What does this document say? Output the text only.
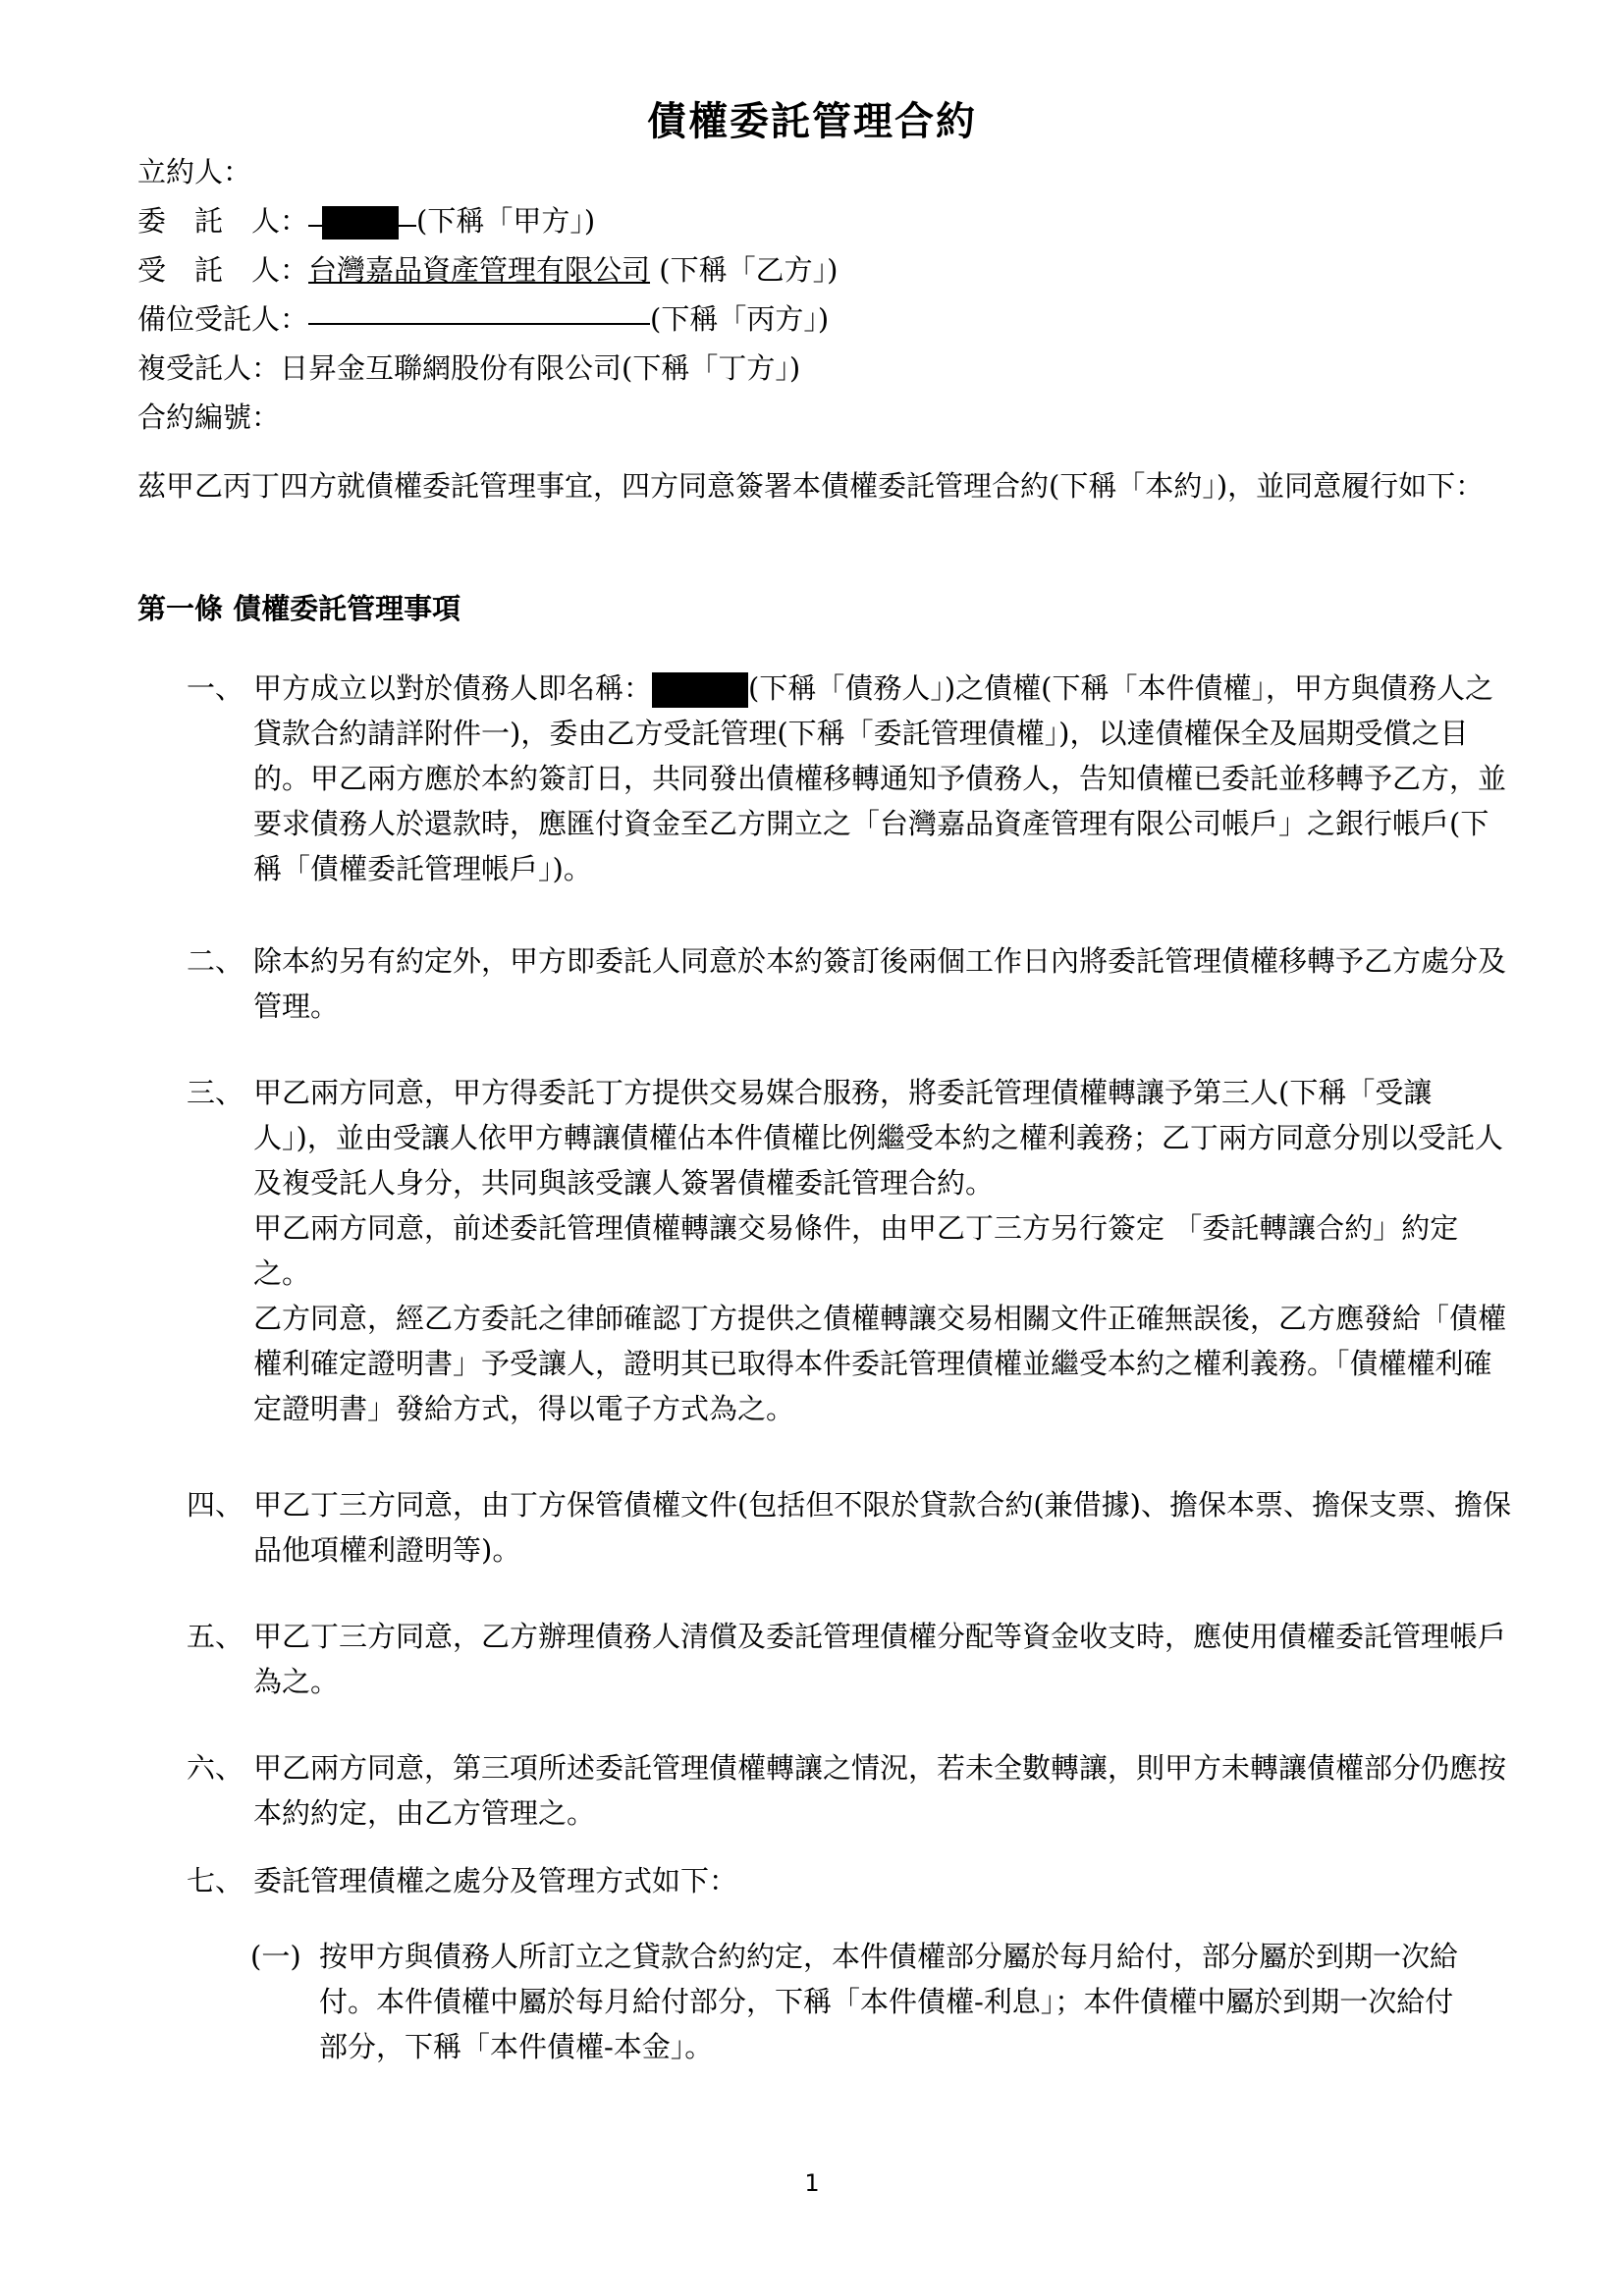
債權委託管理合約
立約人：
委　託　人：	(下稱「甲方」)
受　託　人：台灣嘉品資產管理有限公司 (下稱「乙方」)
備位受託人：	(下稱「丙方」)
複受託人：日昇金互聯網股份有限公司(下稱「丁方」)
合約編號：
茲甲乙丙丁四方就債權委託管理事宜，四方同意簽署本債權委託管理合約(下稱「本約」)，並同意履行如下：
第一條 債權委託管理事項
一、 甲方成立以對於債務人即名稱：	(下稱「債務人」)之債權(下稱「本件債權」，甲方與債務人之貸款合約請詳附件一)，委由乙方受託管理(下稱「委託管理債權」)，以達債權保全及屆期受償之目的。甲乙兩方應於本約簽訂日，共同發出債權移轉通知予債務人，告知債權已委託並移轉予乙方，並要求債務人於還款時，應匯付資金至乙方開立之「台灣嘉品資產管理有限公司帳戶」之銀行帳戶(下稱「債權委託管理帳戶」)。
二、 除本約另有約定外，甲方即委託人同意於本約簽訂後兩個工作日內將委託管理債權移轉予乙方處分及管理。
三、 甲乙兩方同意，甲方得委託丁方提供交易媒合服務，將委託管理債權轉讓予第三人(下稱「受讓人」)，並由受讓人依甲方轉讓債權佔本件債權比例繼受本約之權利義務；乙丁兩方同意分別以受託人及複受託人身分，共同與該受讓人簽署債權委託管理合約。

甲乙兩方同意，前述委託管理債權轉讓交易條件，由甲乙丁三方另行簽定 「委託轉讓合約」約定之。

乙方同意，經乙方委託之律師確認丁方提供之債權轉讓交易相關文件正確無誤後，乙方應發給「債權權利確定證明書」予受讓人，證明其已取得本件委託管理債權並繼受本約之權利義務。「債權權利確定證明書」發給方式，得以電子方式為之。

四、 甲乙丁三方同意，由丁方保管債權文件(包括但不限於貸款合約(兼借據)、擔保本票、擔保支票、擔保品他項權利證明等)。
五、 甲乙丁三方同意，乙方辦理債務人清償及委託管理債權分配等資金收支時，應使用債權委託管理帳戶為之。
六、 甲乙兩方同意，第三項所述委託管理債權轉讓之情況，若未全數轉讓，則甲方未轉讓債權部分仍應按本約約定，由乙方管理之。
七、 委託管理債權之處分及管理方式如下：
(一) 按甲方與債務人所訂立之貸款合約約定，本件債權部分屬於每月給付，部分屬於到期一次給付。本件債權中屬於每月給付部分，下稱「本件債權-利息」；本件債權中屬於到期一次給付部分，下稱「本件債權-本金」。
1
